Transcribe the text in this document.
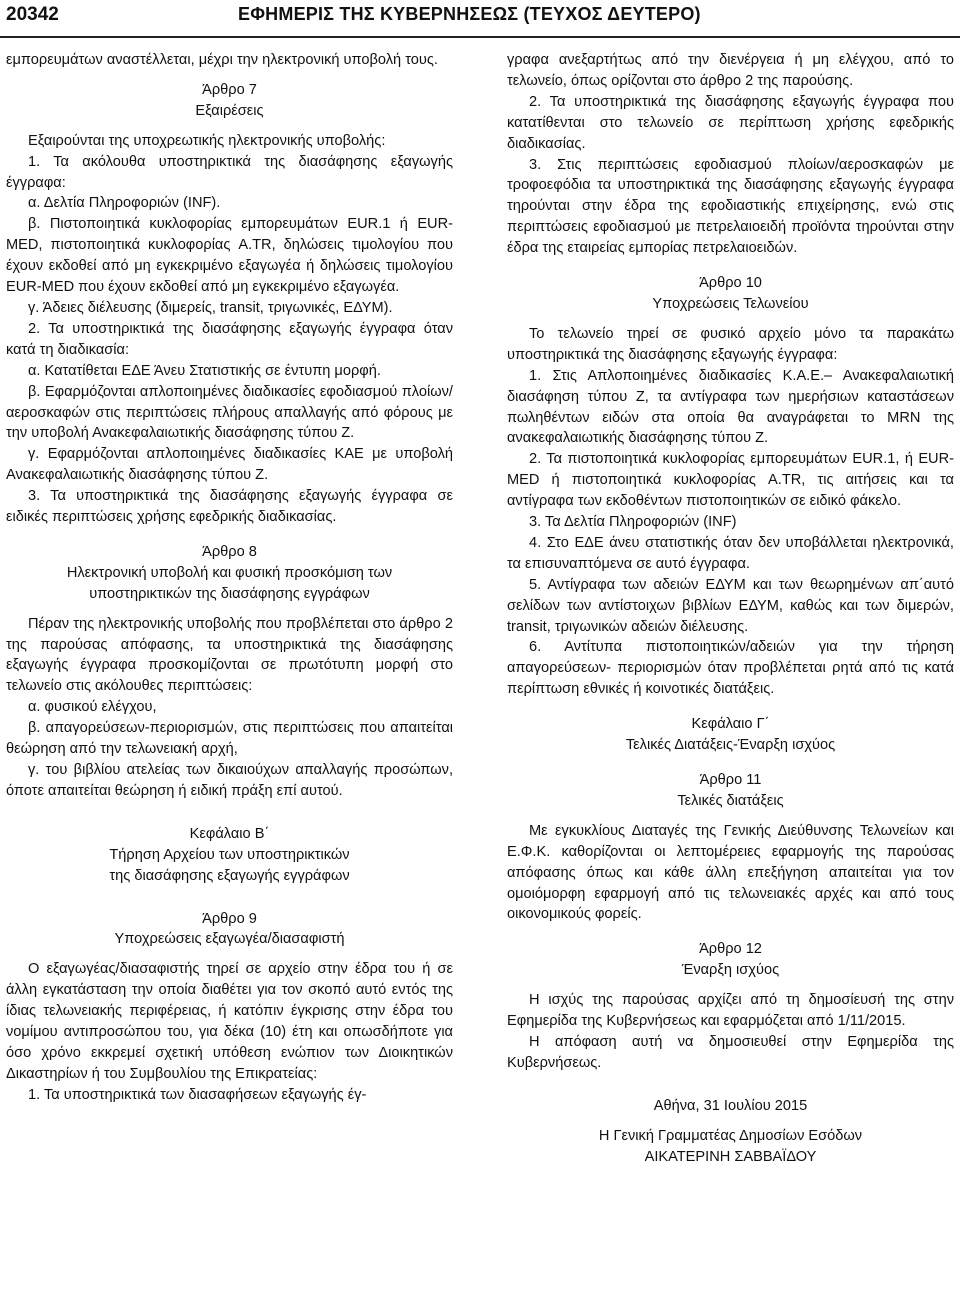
20342	ΕΦΗΜΕΡΙΣ ΤΗΣ ΚΥΒΕΡΝΗΣΕΩΣ (ΤΕΥΧΟΣ ΔΕΥΤΕΡΟ)

εμπορευμάτων αναστέλλεται, μέχρι την ηλεκτρονική υποβολή τους.

Άρθρο 7
Εξαιρέσεις

Εξαιρούνται της υποχρεωτικής ηλεκτρονικής υποβολής:

1. Τα ακόλουθα υποστηρικτικά της διασάφησης εξαγωγής έγγραφα:

α. Δελτία Πληροφοριών (INF).

β. Πιστοποιητικά κυκλοφορίας εμπορευμάτων EUR.1 ή EUR-MED, πιστοποιητικά κυκλοφορίας A.TR, δηλώσεις τιμολογίου που έχουν εκδοθεί από μη εγκεκριμένο εξαγωγέα ή δηλώσεις τιμολογίου EUR-MED που έχουν εκδοθεί από μη εγκεκριμένο εξαγωγέα.

γ. Άδειες διέλευσης (διμερείς, transit, τριγωνικές, ΕΔΥΜ).

2. Τα υποστηρικτικά της διασάφησης εξαγωγής έγγραφα όταν κατά τη διαδικασία:

α. Κατατίθεται ΕΔΕ Άνευ Στατιστικής σε έντυπη μορφή.

β. Εφαρμόζονται απλοποιημένες διαδικασίες εφοδιασμού πλοίων/αεροσκαφών στις περιπτώσεις πλήρους απαλλαγής από φόρους με την υποβολή Ανακεφαλαιωτικής διασάφησης τύπου Ζ.

γ. Εφαρμόζονται απλοποιημένες διαδικασίες ΚΑΕ με υποβολή Ανακεφαλαιωτικής διασάφησης τύπου Ζ.

3. Τα υποστηρικτικά της διασάφησης εξαγωγής έγγραφα σε ειδικές περιπτώσεις χρήσης εφεδρικής διαδικασίας.

Άρθρο 8
Ηλεκτρονική υποβολή και φυσική προσκόμιση των
υποστηρικτικών της διασάφησης εγγράφων

Πέραν της ηλεκτρονικής υποβολής που προβλέπεται στο άρθρο 2 της παρούσας απόφασης, τα υποστηρικτικά της διασάφησης εξαγωγής έγγραφα προσκομίζονται σε πρωτότυπη μορφή στο τελωνείο στις ακόλουθες περιπτώσεις:

α. φυσικού ελέγχου,

β. απαγορεύσεων-περιορισμών, στις περιπτώσεις που απαιτείται θεώρηση από την τελωνειακή αρχή,

γ. του βιβλίου ατελείας των δικαιούχων απαλλαγής προσώπων, όποτε απαιτείται θεώρηση ή ειδική πράξη επί αυτού.

Κεφάλαιο Β΄
Τήρηση Αρχείου των υποστηρικτικών
της διασάφησης εξαγωγής εγγράφων
Άρθρο 9
Υποχρεώσεις εξαγωγέα/διασαφιστή

Ο εξαγωγέας/διασαφιστής τηρεί σε αρχείο στην έδρα του ή σε άλλη εγκατάσταση την οποία διαθέτει για τον σκοπό αυτό εντός της ίδιας τελωνειακής περιφέρειας, ή κατόπιν έγκρισης στην έδρα του νομίμου αντιπροσώπου του, για δέκα (10) έτη και οπωσδήποτε για όσο χρόνο εκκρεμεί σχετική υπόθεση ενώπιον των Διοικητικών Δικαστηρίων ή του Συμβουλίου της Επικρατείας:

1. Τα υποστηρικτικά των διασαφήσεων εξαγωγής έγ-

γραφα ανεξαρτήτως από την διενέργεια ή μη ελέγχου, από το τελωνείο, όπως ορίζονται στο άρθρο 2 της παρούσης.

2. Τα υποστηρικτικά της διασάφησης εξαγωγής έγγραφα που κατατίθενται στο τελωνείο σε περίπτωση χρήσης εφεδρικής διαδικασίας.

3. Στις περιπτώσεις εφοδιασμού πλοίων/αεροσκαφών με τροφοεφόδια τα υποστηρικτικά της διασάφησης εξαγωγής έγγραφα τηρούνται στην έδρα της εφοδιαστικής επιχείρησης, ενώ στις περιπτώσεις εφοδιασμού με πετρελαιοειδή προϊόντα τηρούνται στην έδρα της εταιρείας εμπορίας πετρελαιοειδών.

Άρθρο 10
Υποχρεώσεις Τελωνείου

Το τελωνείο τηρεί σε φυσικό αρχείο μόνο τα παρακάτω υποστηρικτικά της διασάφησης εξαγωγής έγγραφα:

1. Στις Απλοποιημένες διαδικασίες Κ.Α.Ε.– Ανακεφαλαιωτική διασάφηση τύπου Ζ, τα αντίγραφα των ημερήσιων καταστάσεων πωληθέντων ειδών στα οποία θα αναγράφεται το MRN της ανακεφαλαιωτικής διασάφησης τύπου Ζ.

2. Τα πιστοποιητικά κυκλοφορίας εμπορευμάτων EUR.1, ή EUR-MED ή πιστοποιητικά κυκλοφορίας A.TR, τις αιτήσεις και τα αντίγραφα των εκδοθέντων πιστοποιητικών σε ειδικό φάκελο.

3. Τα Δελτία Πληροφοριών (INF)

4. Στο ΕΔΕ άνευ στατιστικής όταν δεν υποβάλλεται ηλεκτρονικά, τα επισυναπτόμενα σε αυτό έγγραφα.

5. Αντίγραφα των αδειών ΕΔΥΜ και των θεωρημένων απ΄αυτό σελίδων των αντίστοιχων βιβλίων ΕΔΥΜ, καθώς και των διμερών, transit, τριγωνικών αδειών διέλευσης.

6. Αντίτυπα πιστοποιητικών/αδειών για την τήρηση απαγορεύσεων- περιορισμών όταν προβλέπεται ρητά από τις κατά περίπτωση εθνικές ή κοινοτικές διατάξεις.

Κεφάλαιο Γ΄
Τελικές Διατάξεις-Έναρξη ισχύος
Άρθρο 11
Τελικές διατάξεις

Με εγκυκλίους Διαταγές της Γενικής Διεύθυνσης Τελωνείων και Ε.Φ.Κ. καθορίζονται οι λεπτομέρειες εφαρμογής της παρούσας απόφασης όπως και κάθε άλλη επεξήγηση απαιτείται για τον ομοιόμορφη εφαρμογή από τις τελωνειακές αρχές και από τους οικονομικούς φορείς.

Άρθρο 12
Έναρξη ισχύος

Η ισχύς της παρούσας αρχίζει από τη δημοσίευσή της στην Εφημερίδα της Κυβερνήσεως και εφαρμόζεται από 1/11/2015.

Η απόφαση αυτή να δημοσιευθεί στην Εφημερίδα της Κυβερνήσεως.

Αθήνα, 31 Ιουλίου 2015
Η Γενική Γραμματέας Δημοσίων Εσόδων
ΑΙΚΑΤΕΡΙΝΗ ΣΑΒΒΑΪΔΟΥ
